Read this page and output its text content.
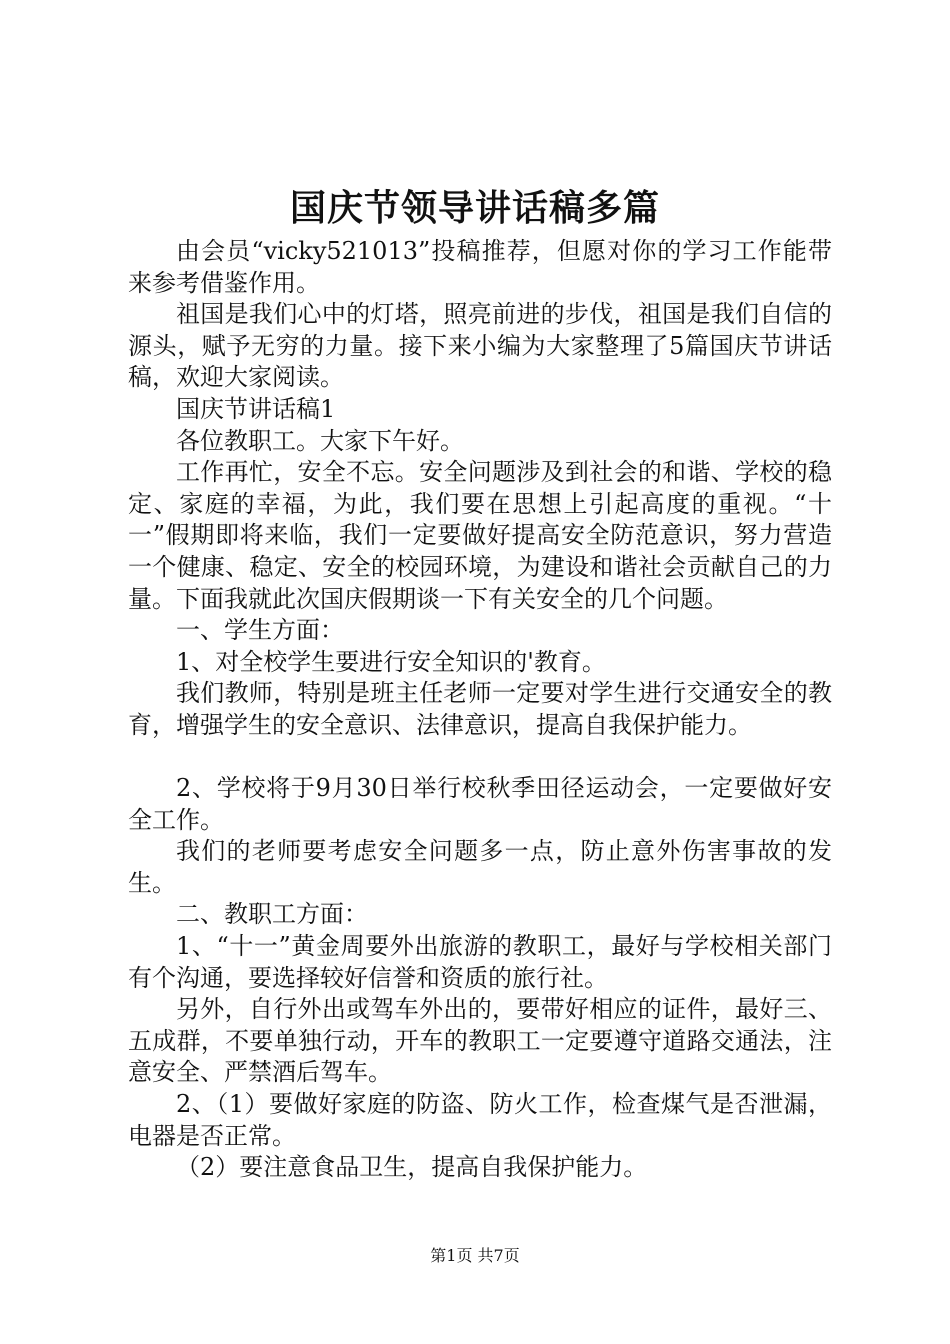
国庆节领导讲话稿多篇

由会员“vicky521013”投稿推荐，但愿对你的学习工作能带来参考借鉴作用。

祖国是我们心中的灯塔，照亮前进的步伐，祖国是我们自信的源头，赋予无穷的力量。接下来小编为大家整理了5篇国庆节讲话稿，欢迎大家阅读。

国庆节讲话稿1

各位教职工。大家下午好。

工作再忙，安全不忘。安全问题涉及到社会的和谐、学校的稳定、家庭的幸福，为此，我们要在思想上引起高度的重视。“十一”假期即将来临，我们一定要做好提高安全防范意识，努力营造一个健康、稳定、安全的校园环境，为建设和谐社会贡献自己的力量。下面我就此次国庆假期谈一下有关安全的几个问题。

一、学生方面：

1、对全校学生要进行安全知识的'教育。

我们教师，特别是班主任老师一定要对学生进行交通安全的教育，增强学生的安全意识、法律意识，提高自我保护能力。

2、学校将于9月30日举行校秋季田径运动会，一定要做好安全工作。

我们的老师要考虑安全问题多一点，防止意外伤害事故的发生。

二、教职工方面：

1、“十一”黄金周要外出旅游的教职工，最好与学校相关部门有个沟通，要选择较好信誉和资质的旅行社。

另外，自行外出或驾车外出的，要带好相应的证件，最好三、五成群，不要单独行动，开车的教职工一定要遵守道路交通法，注意安全、严禁酒后驾车。

2、（1）要做好家庭的防盗、防火工作，检查煤气是否泄漏，电器是否正常。

（2）要注意食品卫生，提高自我保护能力。

第1页 共7页
